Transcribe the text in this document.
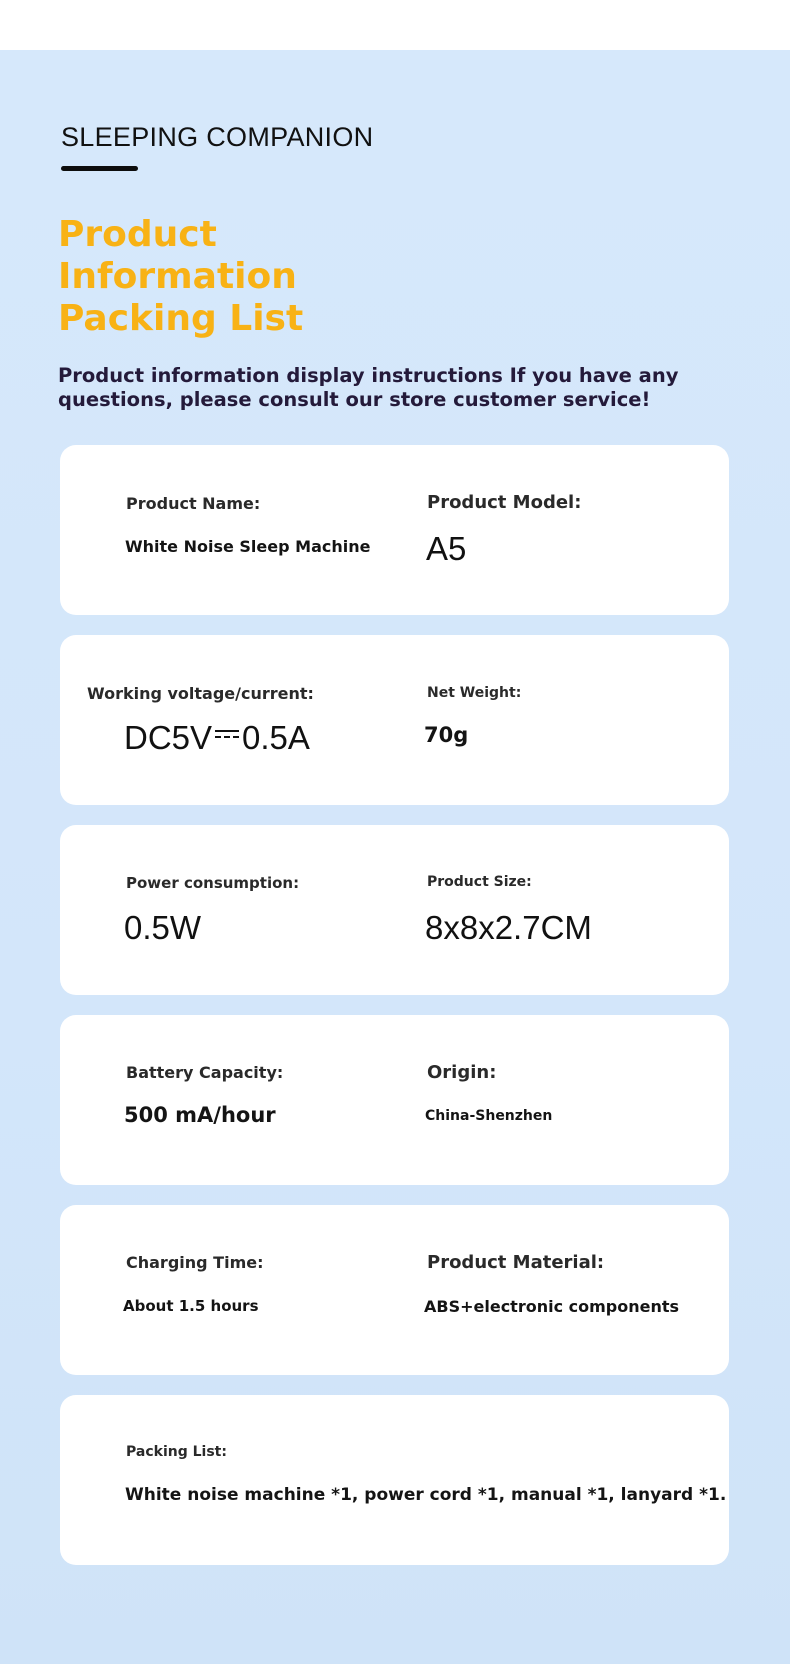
SLEEPING COMPANION
Product
Information
Packing List
Product information display instructions If you have any questions, please consult our store customer service!
Product Name:
White Noise Sleep Machine
Product Model:
A5
Working voltage/current:
DC5V 0.5A
Net Weight:
70g
Power consumption:
0.5W
Product Size:
8x8x2.7CM
Battery Capacity:
500 mA/hour
Origin:
China-Shenzhen
Charging Time:
About 1.5 hours
Product Material:
ABS+electronic components
Packing List:
White noise machine *1, power cord *1, manual *1, lanyard *1.
